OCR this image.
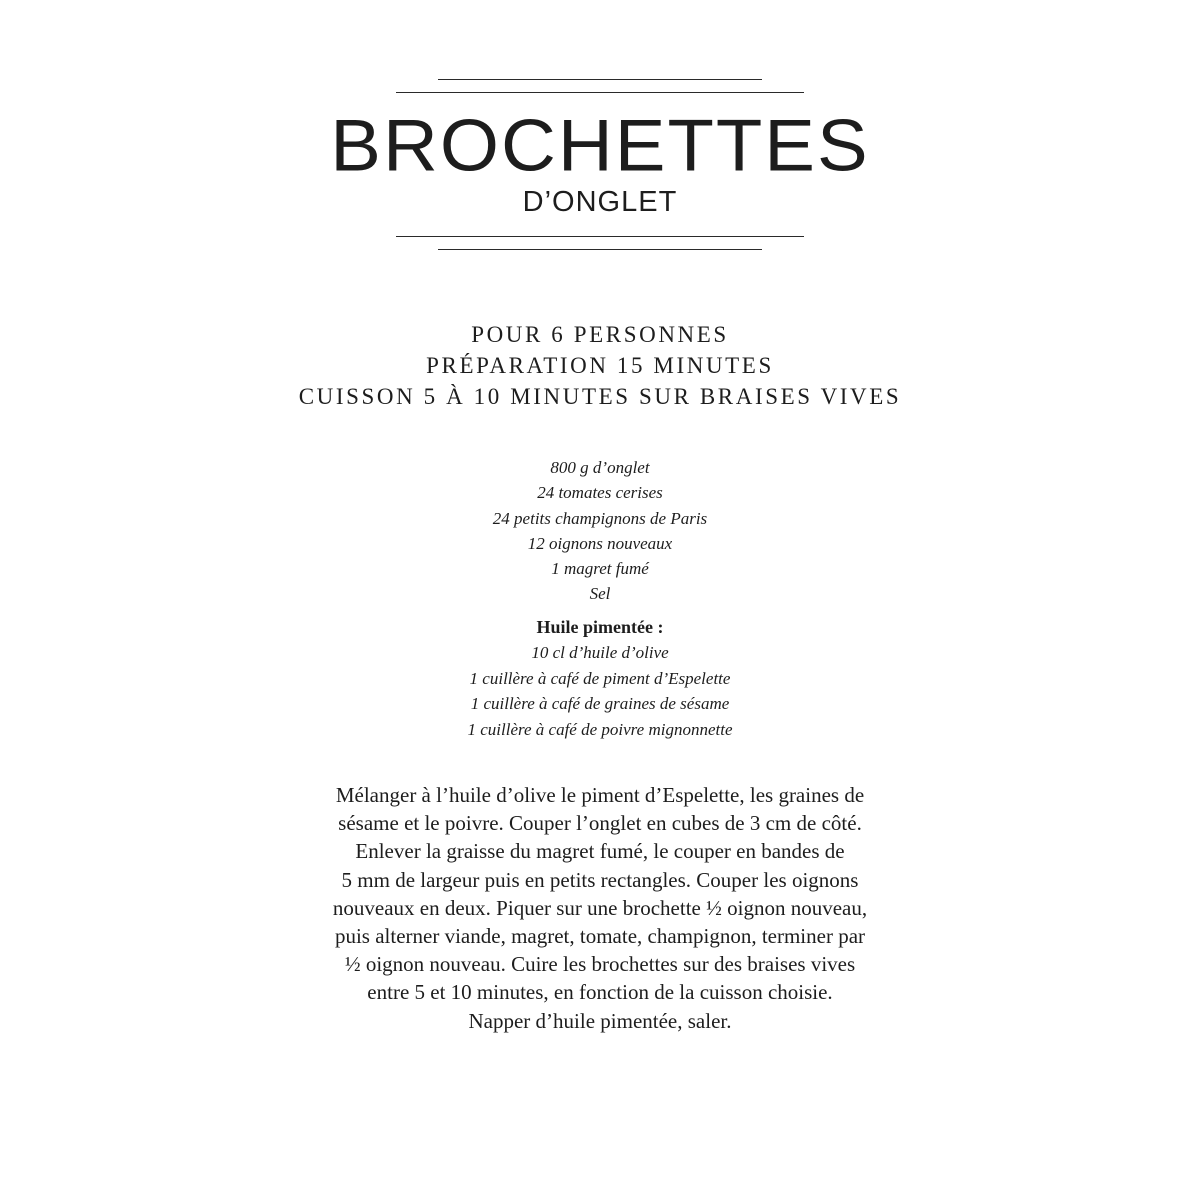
BROCHETTES
D’ONGLET
POUR 6 PERSONNES
PRÉPARATION 15 MINUTES
CUISSON 5 À 10 MINUTES SUR BRAISES VIVES
800 g d’onglet
24 tomates cerises
24 petits champignons de Paris
12 oignons nouveaux
1 magret fumé
Sel
Huile pimentée :
10 cl d’huile d’olive
1 cuillère à café de piment d’Espelette
1 cuillère à café de graines de sésame
1 cuillère à café de poivre mignonnette
Mélanger à l’huile d’olive le piment d’Espelette, les graines de
sésame et le poivre. Couper l’onglet en cubes de 3 cm de côté.
Enlever la graisse du magret fumé, le couper en bandes de
5 mm de largeur puis en petits rectangles. Couper les oignons
nouveaux en deux. Piquer sur une brochette ½ oignon nouveau,
puis alterner viande, magret, tomate, champignon, terminer par
½ oignon nouveau. Cuire les brochettes sur des braises vives
entre 5 et 10 minutes, en fonction de la cuisson choisie.
Napper d’huile pimentée, saler.
